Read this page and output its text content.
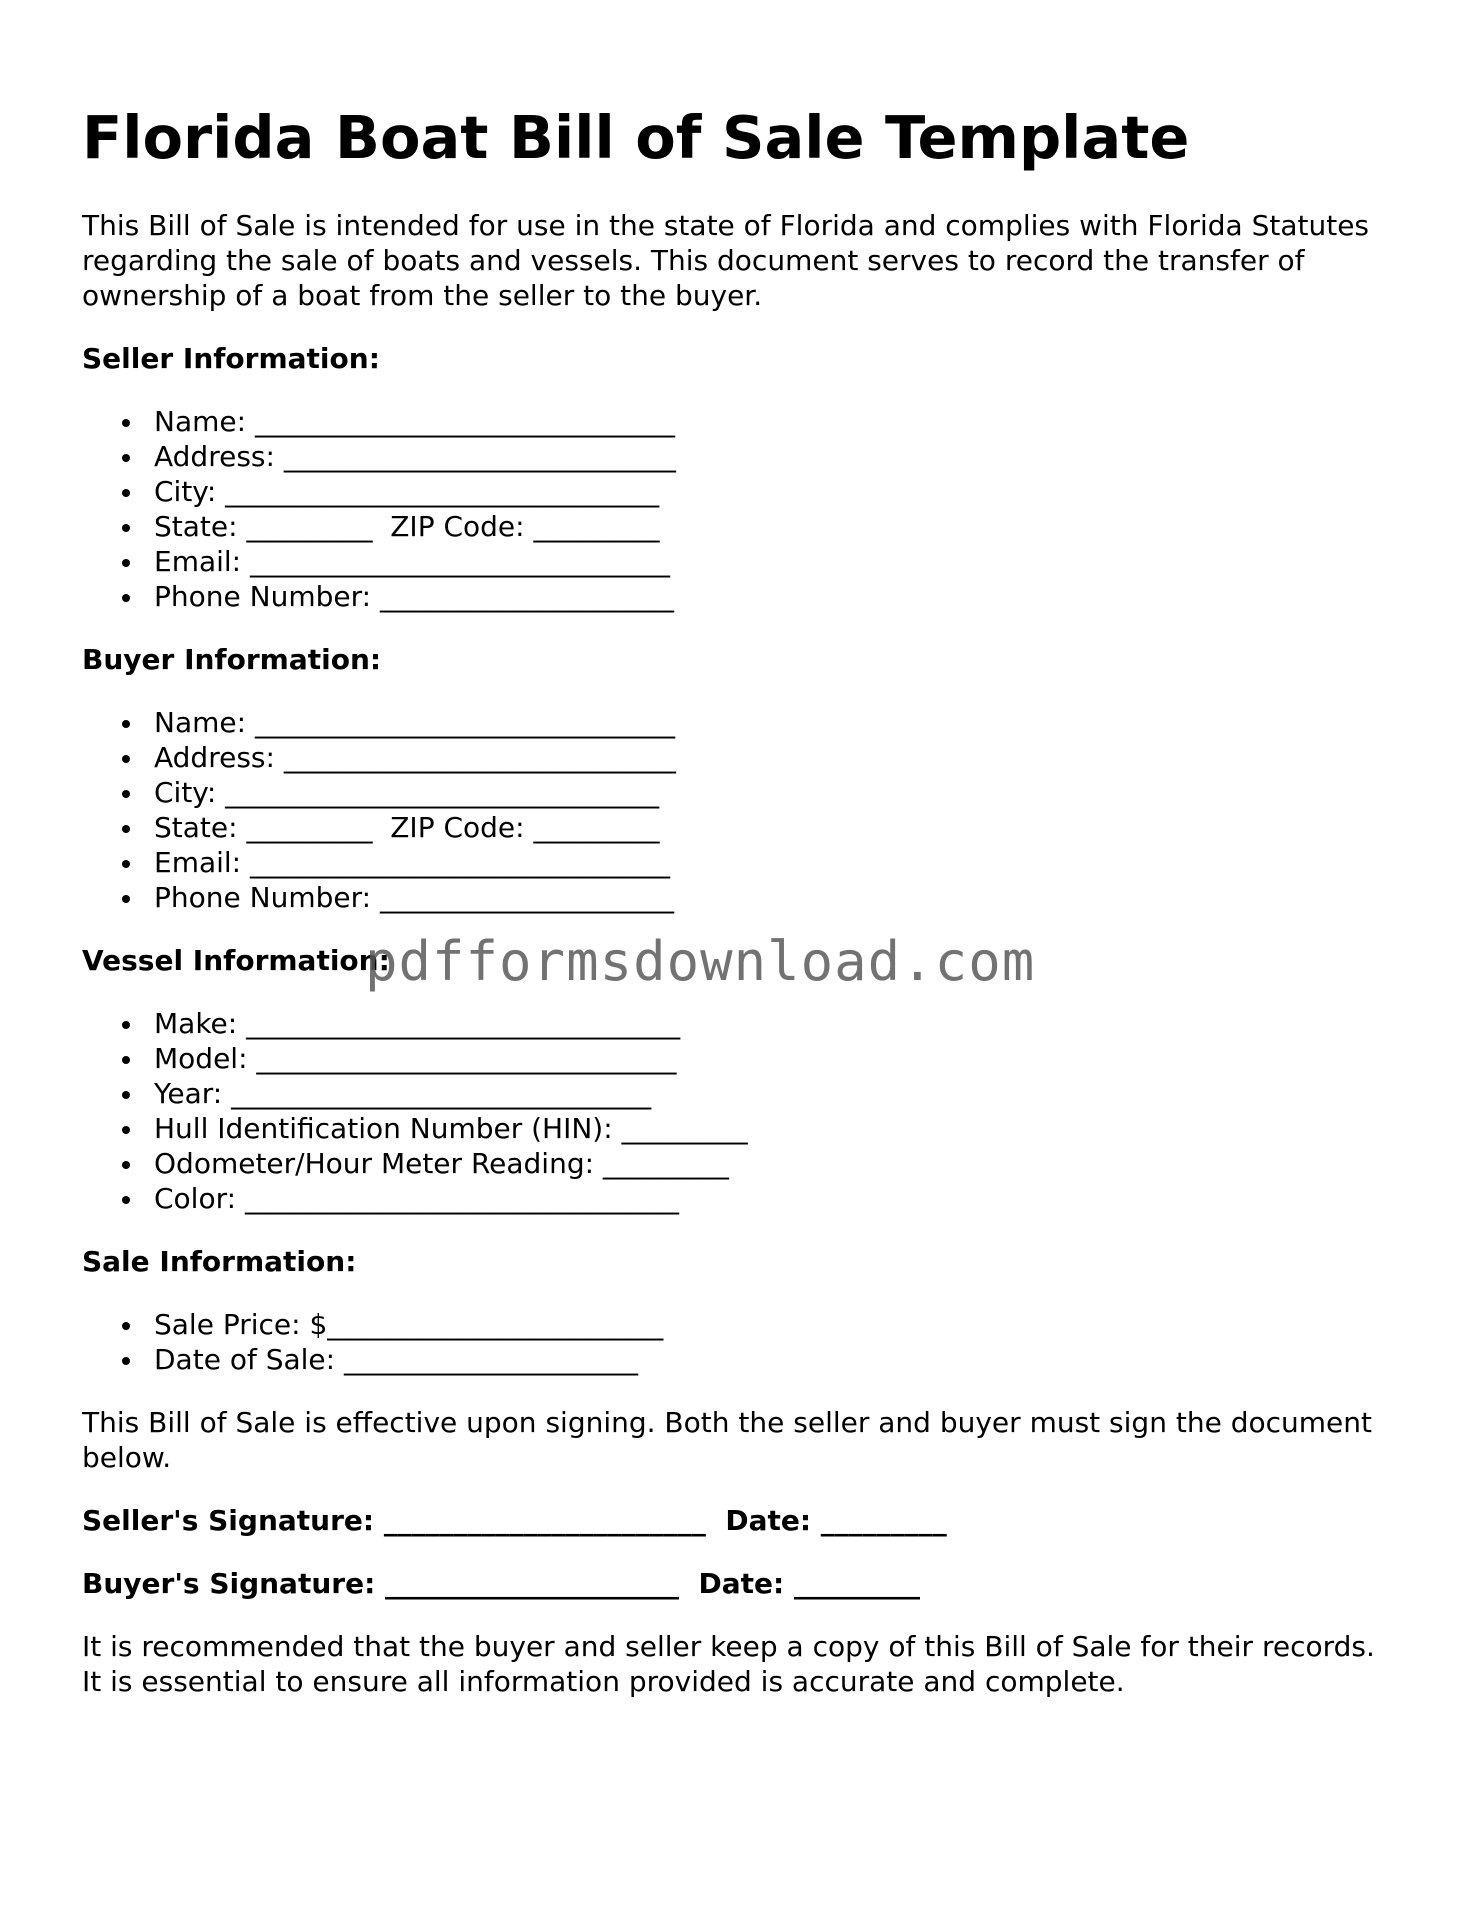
Florida Boat Bill of Sale Template

This Bill of Sale is intended for use in the state of Florida and complies with Florida Statutes regarding the sale of boats and vessels. This document serves to record the transfer of ownership of a boat from the seller to the buyer.

Seller Information:
Name: ______________________________
Address: ____________________________
City: _______________________________
State: _________  ZIP Code: _________
Email: ______________________________
Phone Number: _____________________
Buyer Information:
Name: ______________________________
Address: ____________________________
City: _______________________________
State: _________  ZIP Code: _________
Email: ______________________________
Phone Number: _____________________
Vessel Information:
Make: _______________________________
Model: ______________________________
Year: ______________________________
Hull Identification Number (HIN): _________
Odometer/Hour Meter Reading: _________
Color: _______________________________
Sale Information:
Sale Price: $________________________
Date of Sale: _____________________

This Bill of Sale is effective upon signing. Both the seller and buyer must sign the document below.

Seller's Signature: _______________________  Date: _________
Buyer's Signature: _____________________  Date: _________

It is recommended that the buyer and seller keep a copy of this Bill of Sale for their records. It is essential to ensure all information provided is accurate and complete.

pdfformsdownload.com
